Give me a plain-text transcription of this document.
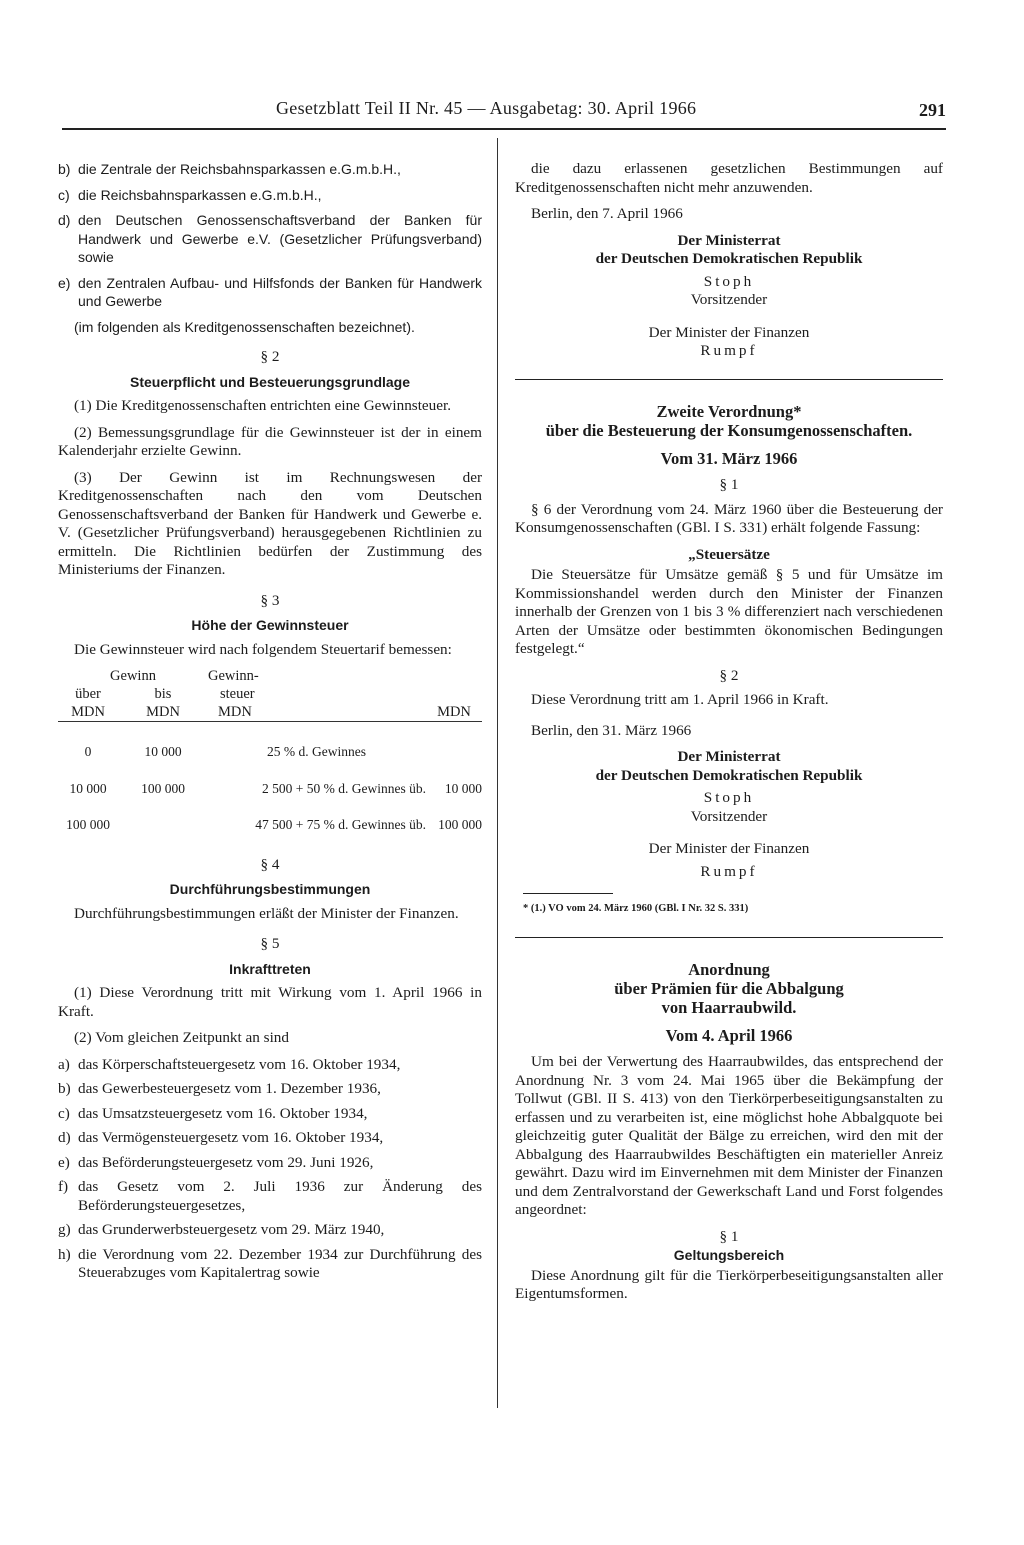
Gesetzblatt Teil II Nr. 45 — Ausgabetag: 30. April 1966	291
b) die Zentrale der Reichsbahnsparkassen e.G.m.b.H.,
c) die Reichsbahnsparkassen e.G.m.b.H.,
d) den Deutschen Genossenschaftsverband der Banken für Handwerk und Gewerbe e.V. (Gesetzlicher Prüfungsverband) sowie
e) den Zentralen Aufbau- und Hilfsfonds der Banken für Handwerk und Gewerbe

(im folgenden als Kreditgenossenschaften bezeichnet).

§ 2
Steuerpflicht und Besteuerungsgrundlage

(1) Die Kreditgenossenschaften entrichten eine Gewinnsteuer.

(2) Bemessungsgrundlage für die Gewinnsteuer ist der in einem Kalenderjahr erzielte Gewinn.

(3) Der Gewinn ist im Rechnungswesen der Kreditgenossenschaften nach den vom Deutschen Genossenschaftsverband der Banken für Handwerk und Gewerbe e. V. (Gesetzlicher Prüfungsverband) herausgegebenen Richtlinien zu ermitteln. Die Richtlinien bedürfen der Zustimmung des Ministeriums der Finanzen.

§ 3
Höhe der Gewinnsteuer

Die Gewinnsteuer wird nach folgendem Steuertarif bemessen:

Gewinn		Gewinn-	
über	bis	steuer	
MDN	MDN	MDN	MDN

0	10 000	25 % d. Gewinnes	
10 000	100 000	2 500 + 50 % d. Gewinnes üb.	10 000
100 000		47 500 + 75 % d. Gewinnes üb.	100 000
§ 4
Durchführungsbestimmungen

Durchführungsbestimmungen erläßt der Minister der Finanzen.

§ 5
Inkrafttreten

(1) Diese Verordnung tritt mit Wirkung vom 1. April 1966 in Kraft.

(2) Vom gleichen Zeitpunkt an sind

a) das Körperschaftsteuergesetz vom 16. Oktober 1934,
b) das Gewerbesteuergesetz vom 1. Dezember 1936,
c) das Umsatzsteuergesetz vom 16. Oktober 1934,
d) das Vermögensteuergesetz vom 16. Oktober 1934,
e) das Beförderungsteuergesetz vom 29. Juni 1926,
f) das Gesetz vom 2. Juli 1936 zur Änderung des Beförderungsteuergesetzes,
g) das Grunderwerbsteuergesetz vom 29. März 1940,
h) die Verordnung vom 22. Dezember 1934 zur Durchführung des Steuerabzuges vom Kapitalertrag sowie

die dazu erlassenen gesetzlichen Bestimmungen auf Kreditgenossenschaften nicht mehr anzuwenden.

Berlin, den 7. April 1966

Der Ministerrat
der Deutschen Demokratischen Republik
Stoph
Vorsitzender
Der Minister der Finanzen
Rumpf
Zweite Verordnung*
über die Besteuerung der Konsumgenossenschaften.
Vom 31. März 1966
§ 1

§ 6 der Verordnung vom 24. März 1960 über die Besteuerung der Konsumgenossenschaften (GBl. I S. 331) erhält folgende Fassung:

„Steuersätze

Die Steuersätze für Umsätze gemäß § 5 und für Umsätze im Kommissionshandel werden durch den Minister der Finanzen innerhalb der Grenzen von 1 bis 3 % differenziert nach verschiedenen Arten der Umsätze oder bestimmten ökonomischen Bedingungen festgelegt.“

§ 2

Diese Verordnung tritt am 1. April 1966 in Kraft.

Berlin, den 31. März 1966

Der Ministerrat
der Deutschen Demokratischen Republik
Stoph
Vorsitzender
Der Minister der Finanzen
Rumpf
* (1.) VO vom 24. März 1960 (GBl. I Nr. 32 S. 331)
Anordnung
über Prämien für die Abbalgung
von Haarraubwild.
Vom 4. April 1966

Um bei der Verwertung des Haarraubwildes, das entsprechend der Anordnung Nr. 3 vom 24. Mai 1965 über die Bekämpfung der Tollwut (GBl. II S. 413) von den Tierkörperbeseitigungsanstalten zu erfassen und zu verarbeiten ist, eine möglichst hohe Abbalgquote bei gleichzeitig guter Qualität der Bälge zu erreichen, wird den mit der Abbalgung des Haarraubwildes Beschäftigten ein materieller Anreiz gewährt. Dazu wird im Einvernehmen mit dem Minister der Finanzen und dem Zentralvorstand der Gewerkschaft Land und Forst folgendes angeordnet:

§ 1
Geltungsbereich

Diese Anordnung gilt für die Tierkörperbeseitigungsanstalten aller Eigentumsformen.
